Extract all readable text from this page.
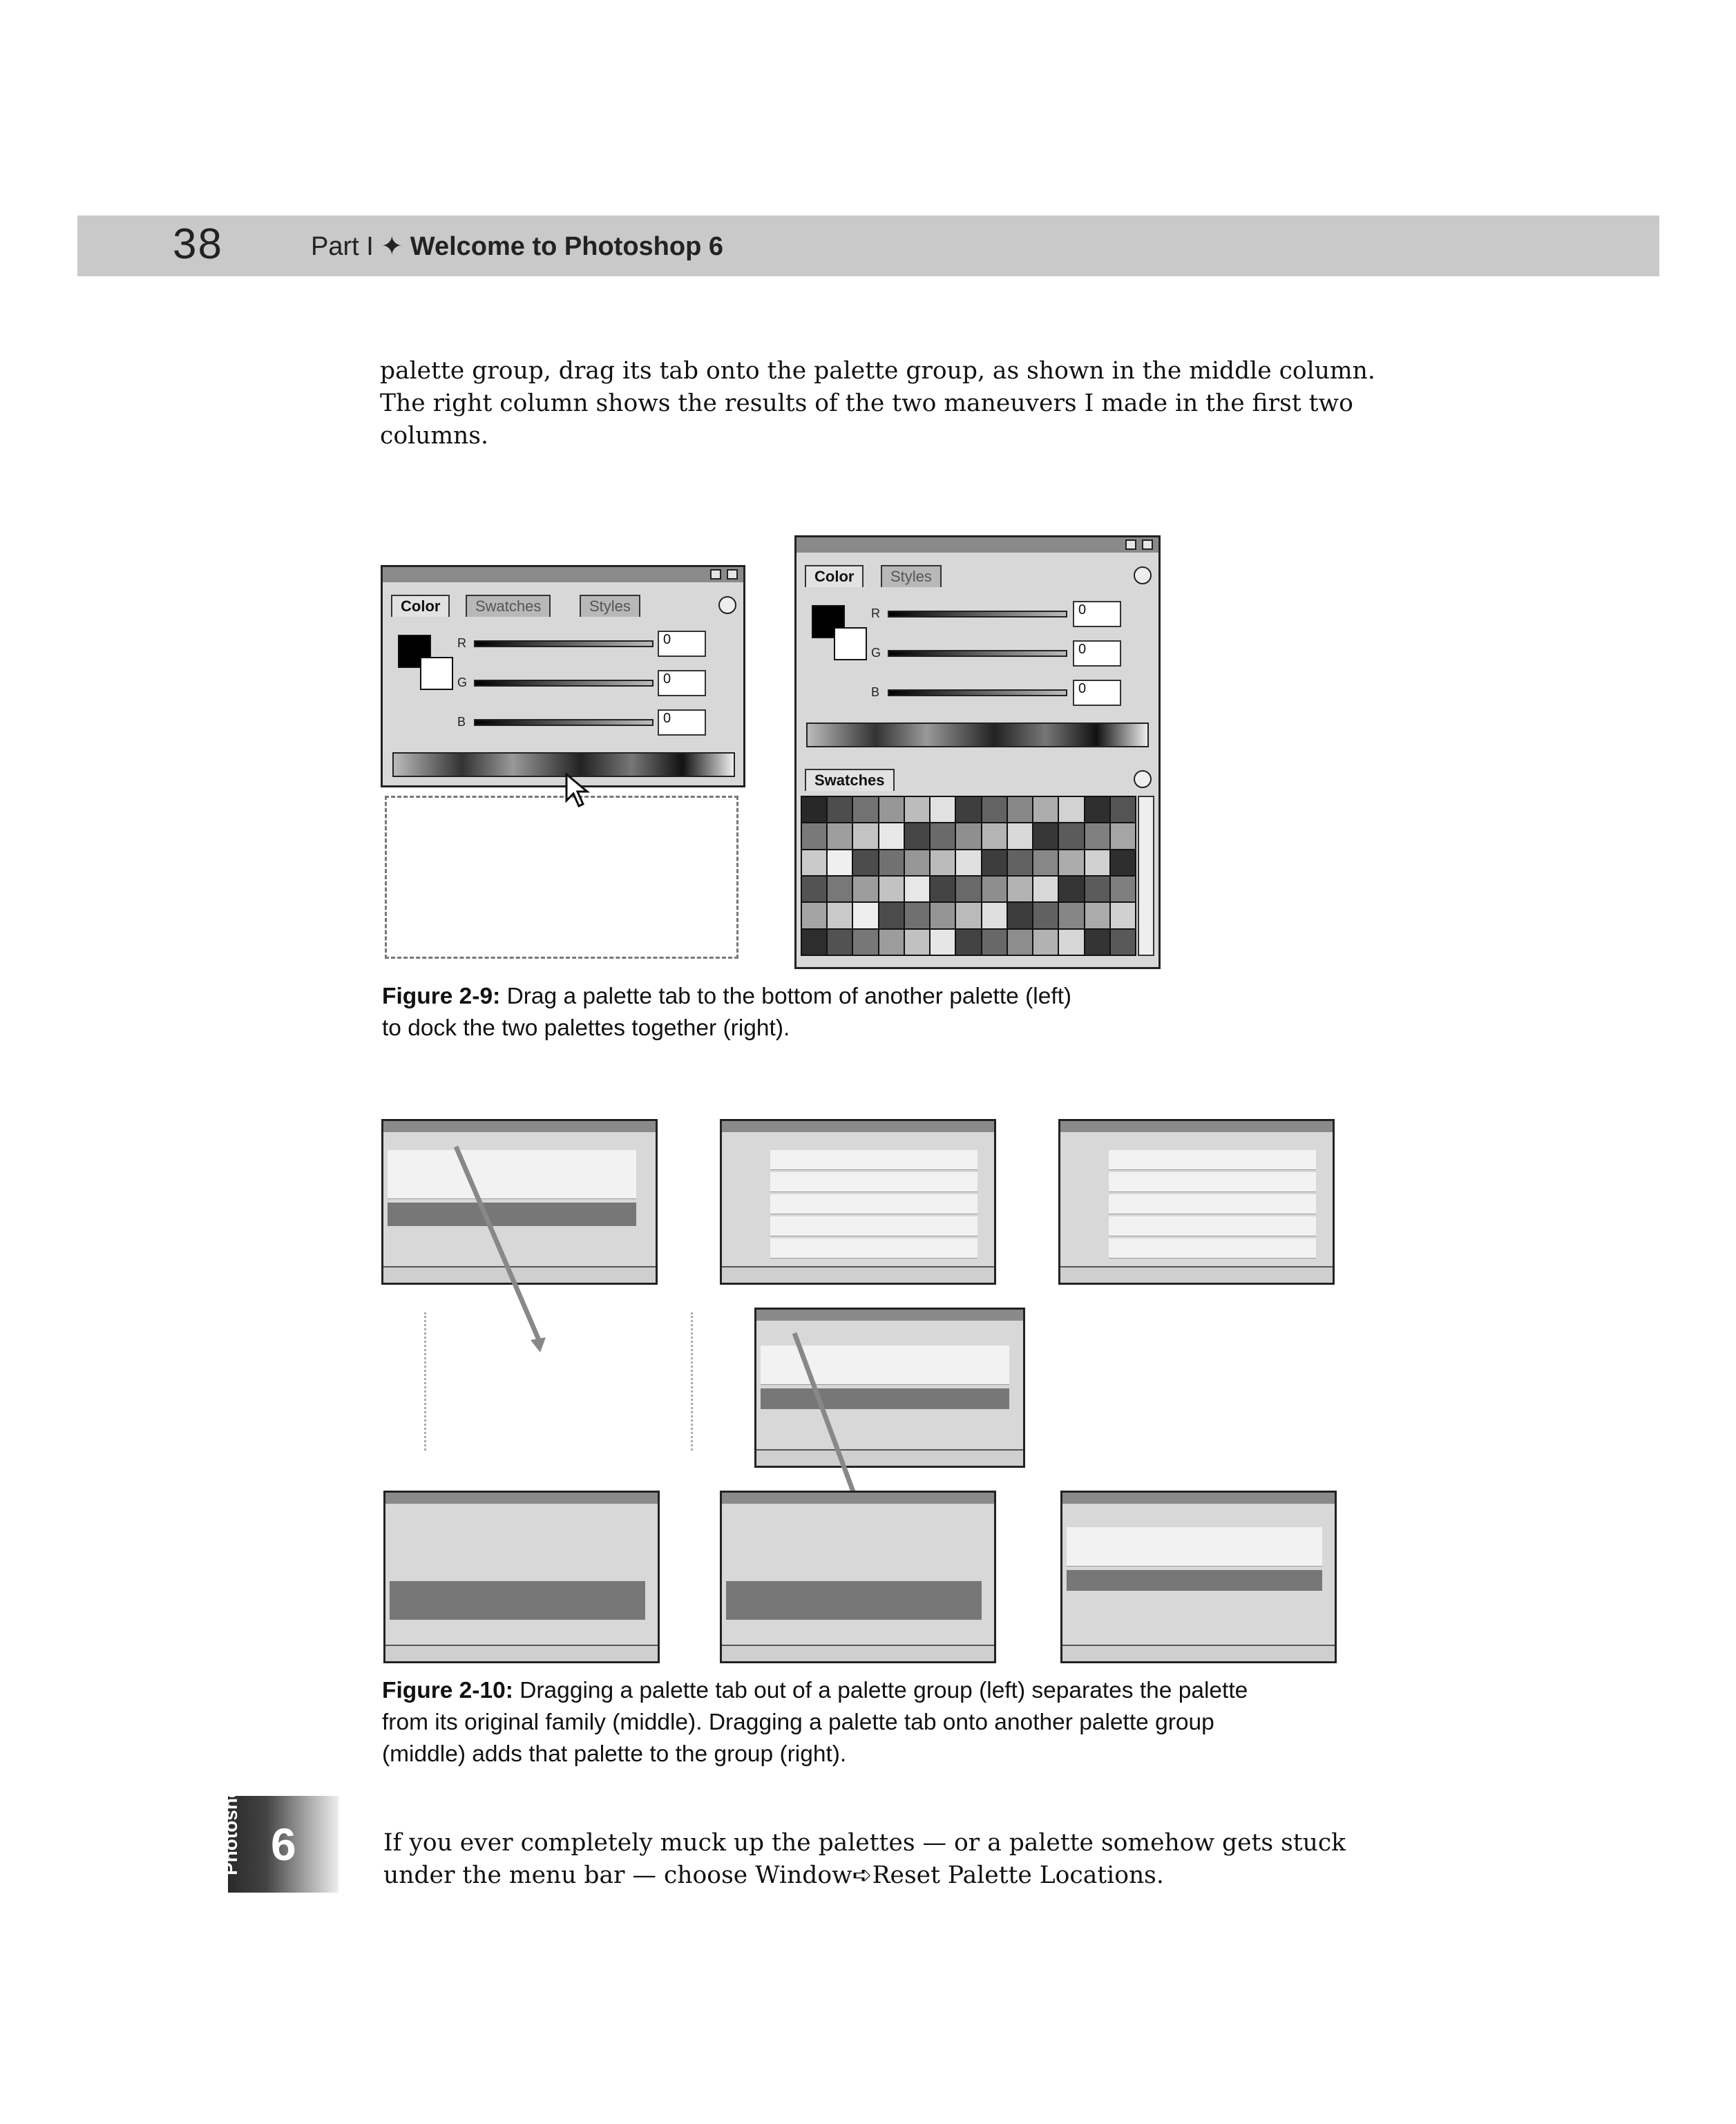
38	Part I ✦ Welcome to Photoshop 6
palette group, drag its tab onto the palette group, as shown in the middle column.
The right column shows the results of the two maneuvers I made in the first two
columns.
Color	Swatches	Styles
R	0
G	0
B	0
Color	Styles
R	0
G	0
B	0
Swatches
Figure 2-9: Drag a palette tab to the bottom of another palette (left)
to dock the two palettes together (right).
Figure 2-10: Dragging a palette tab out of a palette group (left) separates the palette
from its original family (middle). Dragging a palette tab onto another palette group
(middle) adds that palette to the group (right).
Photoshop 6	If you ever completely muck up the palettes — or a palette somehow gets stuck
under the menu bar — choose Window➪Reset Palette Locations.
